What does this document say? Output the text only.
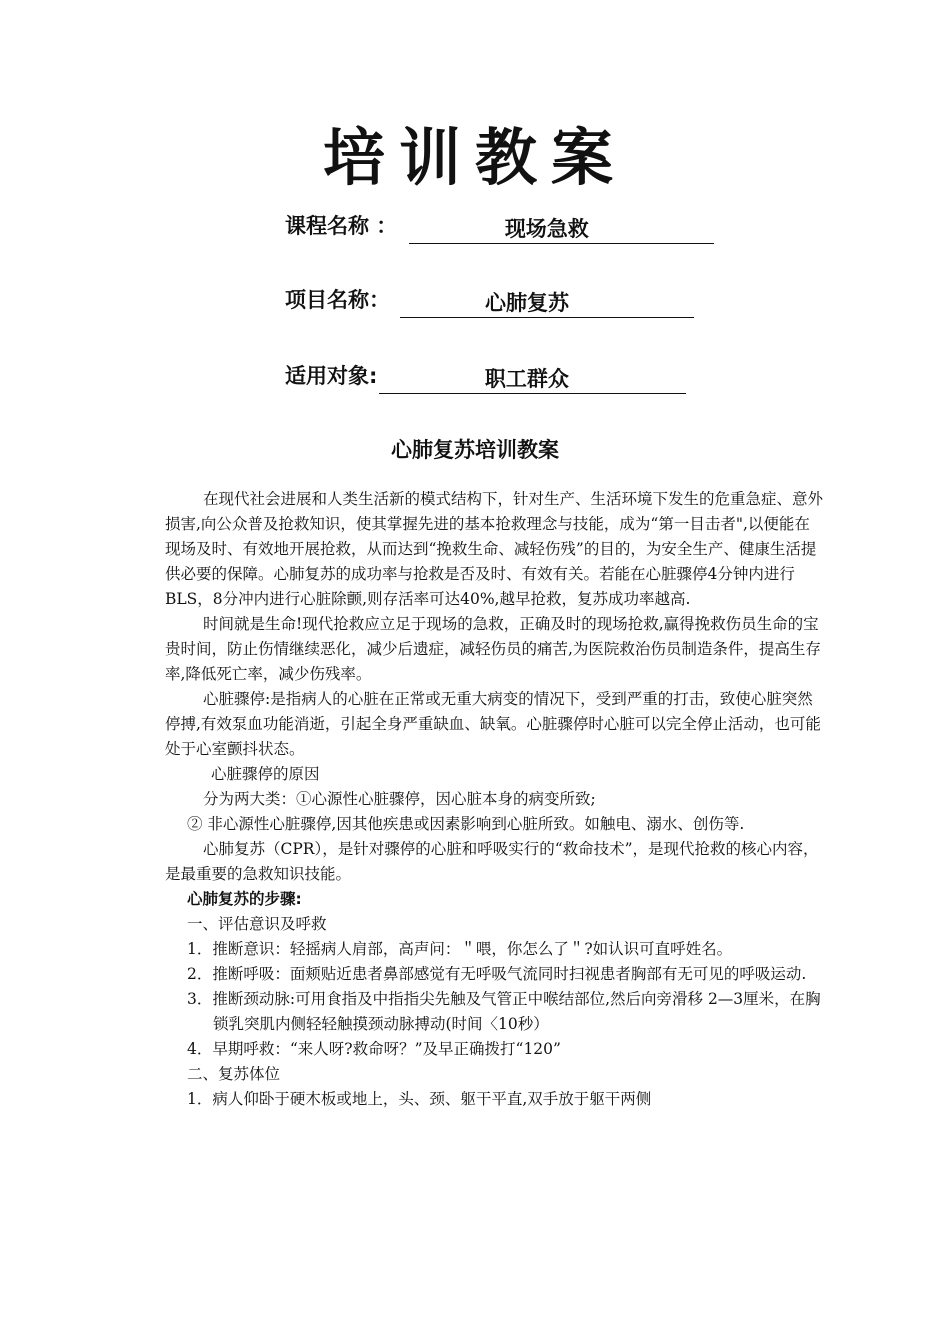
培训教案
课程名称 ：	现场急救
项目名称：	心肺复苏
适用对象:	职工群众
心肺复苏培训教案

在现代社会进展和人类生活新的模式结构下，针对生产、生活环境下发生的危重急症、意外损害,向公众普及抢救知识，使其掌握先进的基本抢救理念与技能，成为“第一目击者",以便能在现场及时、有效地开展抢救，从而达到“挽救生命、减轻伤残”的目的，为安全生产、健康生活提供必要的保障。心肺复苏的成功率与抢救是否及时、有效有关。若能在心脏骤停4分钟内进行BLS，8分冲内进行心脏除颤,则存活率可达40%,越早抢救，复苏成功率越高.

时间就是生命!现代抢救应立足于现场的急救，正确及时的现场抢救,赢得挽救伤员生命的宝贵时间，防止伤情继续恶化，减少后遗症，减轻伤员的痛苦,为医院救治伤员制造条件，提高生存率,降低死亡率，减少伤残率。

心脏骤停:是指病人的心脏在正常或无重大病变的情况下，受到严重的打击，致使心脏突然停搏,有效泵血功能消逝，引起全身严重缺血、缺氧。心脏骤停时心脏可以完全停止活动，也可能处于心室颤抖状态。

心脏骤停的原因

分为两大类：①心源性心脏骤停，因心脏本身的病变所致;

② 非心源性心脏骤停,因其他疾患或因素影响到心脏所致。如触电、溺水、创伤等.

心肺复苏（CPR），是针对骤停的心脏和呼吸实行的“救命技术”，是现代抢救的核心内容，是最重要的急救知识技能。

心肺复苏的步骤:

一、评估意识及呼救

1．推断意识：轻摇病人肩部，高声问：＂喂，你怎么了＂?如认识可直呼姓名。

2．推断呼吸：面颊贴近患者鼻部感觉有无呼吸气流同时扫视患者胸部有无可见的呼吸运动.

3．推断颈动脉:可用食指及中指指尖先触及气管正中喉结部位,然后向旁滑移 2—3厘米，在胸锁乳突肌内侧轻轻触摸颈动脉搏动(时间〈10秒）

4．早期呼救：“来人呀?救命呀？”及早正确拨打“120”

二、复苏体位

1．病人仰卧于硬木板或地上，头、颈、躯干平直,双手放于躯干两侧
